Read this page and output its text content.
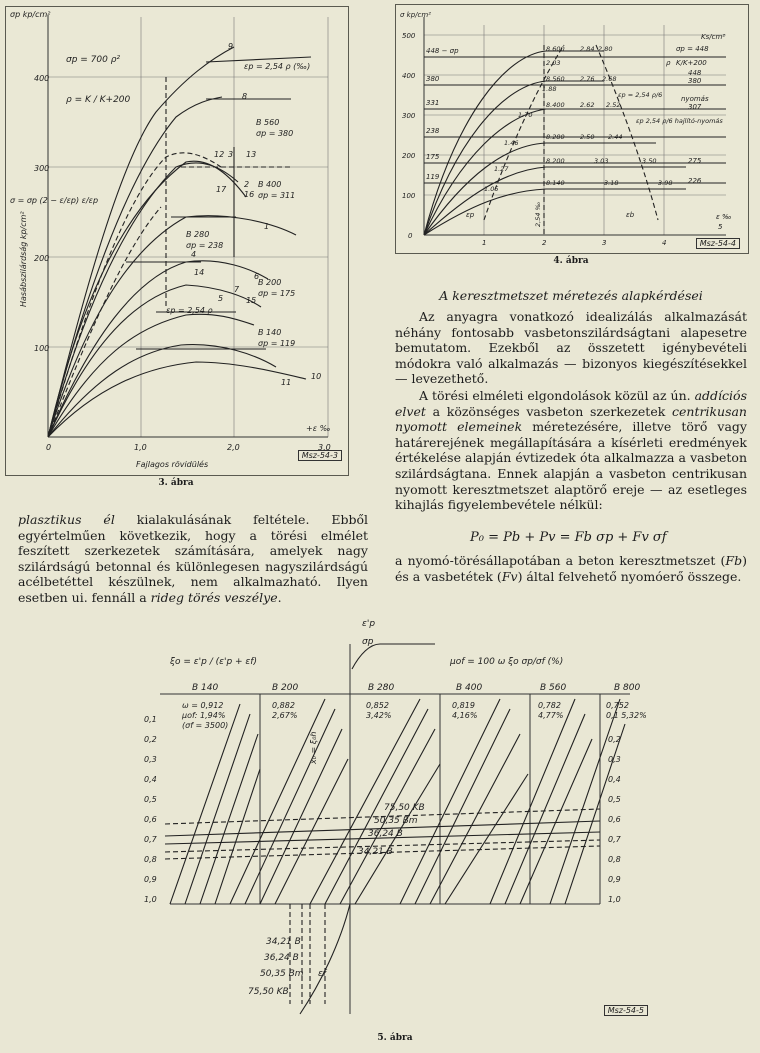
σp kp/cm²
400
300
200
100
0	1,0	2,0	3,0
Hasábszilárdság kp/cm²
Fajlagos rövidülés
+ε ‰
σp = 700 ρ²
ρ = K / K+200
εp = 2,54 ρ (‰)
σ = σp (2 − ε/εp) ε/εp
B 560
σp = 380
B 400
σp = 311
B 280
σp = 238
B 200
σp = 175
B 140
σp = 119
εp = 2,54 ρ
9
8
12 3 13
2
16
17
1
4
14	6
7
5	15
10
11
Msz-54-3
3. ábra
σ kp/cm²
0
100
200
300
400
500
1	2	3	4
5
ε ‰
448 − σp
380
331
238
175
119
σp = 448
K/K+200
nyomás
Ks/cm²
ρ
448
380
307
275
226
8.600 2.84 2.80
8.560 2.76 2.68
8.400 2.62 2.52
8.280 2.50 2.44
8.200	3.03	3.50
8.140	3.18	3.98
1.70
1.46
1.27
1.05
2.03
1.88
εp = 2,54 ρ/6
εp 2,54 ρ/6 hajlító-nyomás
2,54 ‰
εp	εb
Msz-54-4
4. ábra
A keresztmetszet méretezés alapkérdései
Az anyagra vonatkozó idealizálás alkalmazását néhány fontosabb vasbetonszilárdságtani alapesetre bemutatom. Ezekből az összetett igénybevételi módokra való alkalmazás — bizonyos kiegészítésekkel — levezethető.
A törési elméleti elgondolások közül az ún. addíciós elvet a közönséges vasbeton szerkezetek centrikusan nyomott elemeinek méretezésére, illetve törő vagy határerejének megállapítására a kísérleti eredmények értékelése alapján évtizedek óta alkalmazza a vasbeton szilárdságtana. Ennek alapján a vasbeton centrikusan nyomott keresztmetszet alaptörő ereje — az esetleges kihajlás figyelembevétele nélkül:
P₀ = Pb + Pv = Fb σp + Fv σf
a nyomó-törésállapotában a beton keresztmetszet (Fb) és a vasbetétek (Fv) által felvehető nyomóerő összege.
plasztikus él kialakulásának feltétele. Ebből egyértelműen következik, hogy a törési elmélet feszített szerkezetek számítására, amelyek nagy szilárdságú betonnal és különlegesen nagyszilárdságú acélbetéttel készülnek, nem alkalmazható. Ilyen esetben ui. fennáll a rideg törés veszélye.
ξo = ε'p / (ε'p + εf)	μof = 100 ω ξo σp/σf (%)
ε'p
σp
B 140
ω = 0,912
μof: 1,94%
(σf = 3500)
B 200
0,882
2,67%
B 280
0,852
3,42%
B 400
0,819
4,16%
B 560
0,782
4,77%
B 800
0,752
0,1 5,32%
0,1
0,2
0,3
0,4
0,5
0,6
0,7
0,8
0,9
1,0
0,2
0,3
0,4
0,5
0,6
0,7
0,8
0,9
1,0
75,50 KB
50,35 Bm
36,24 B
34,21 B
x₀ = ξ₀h
34,21 B
36,24 B
50,35 Bm
75,50 KB
εf
Msz-54-5
5. ábra
